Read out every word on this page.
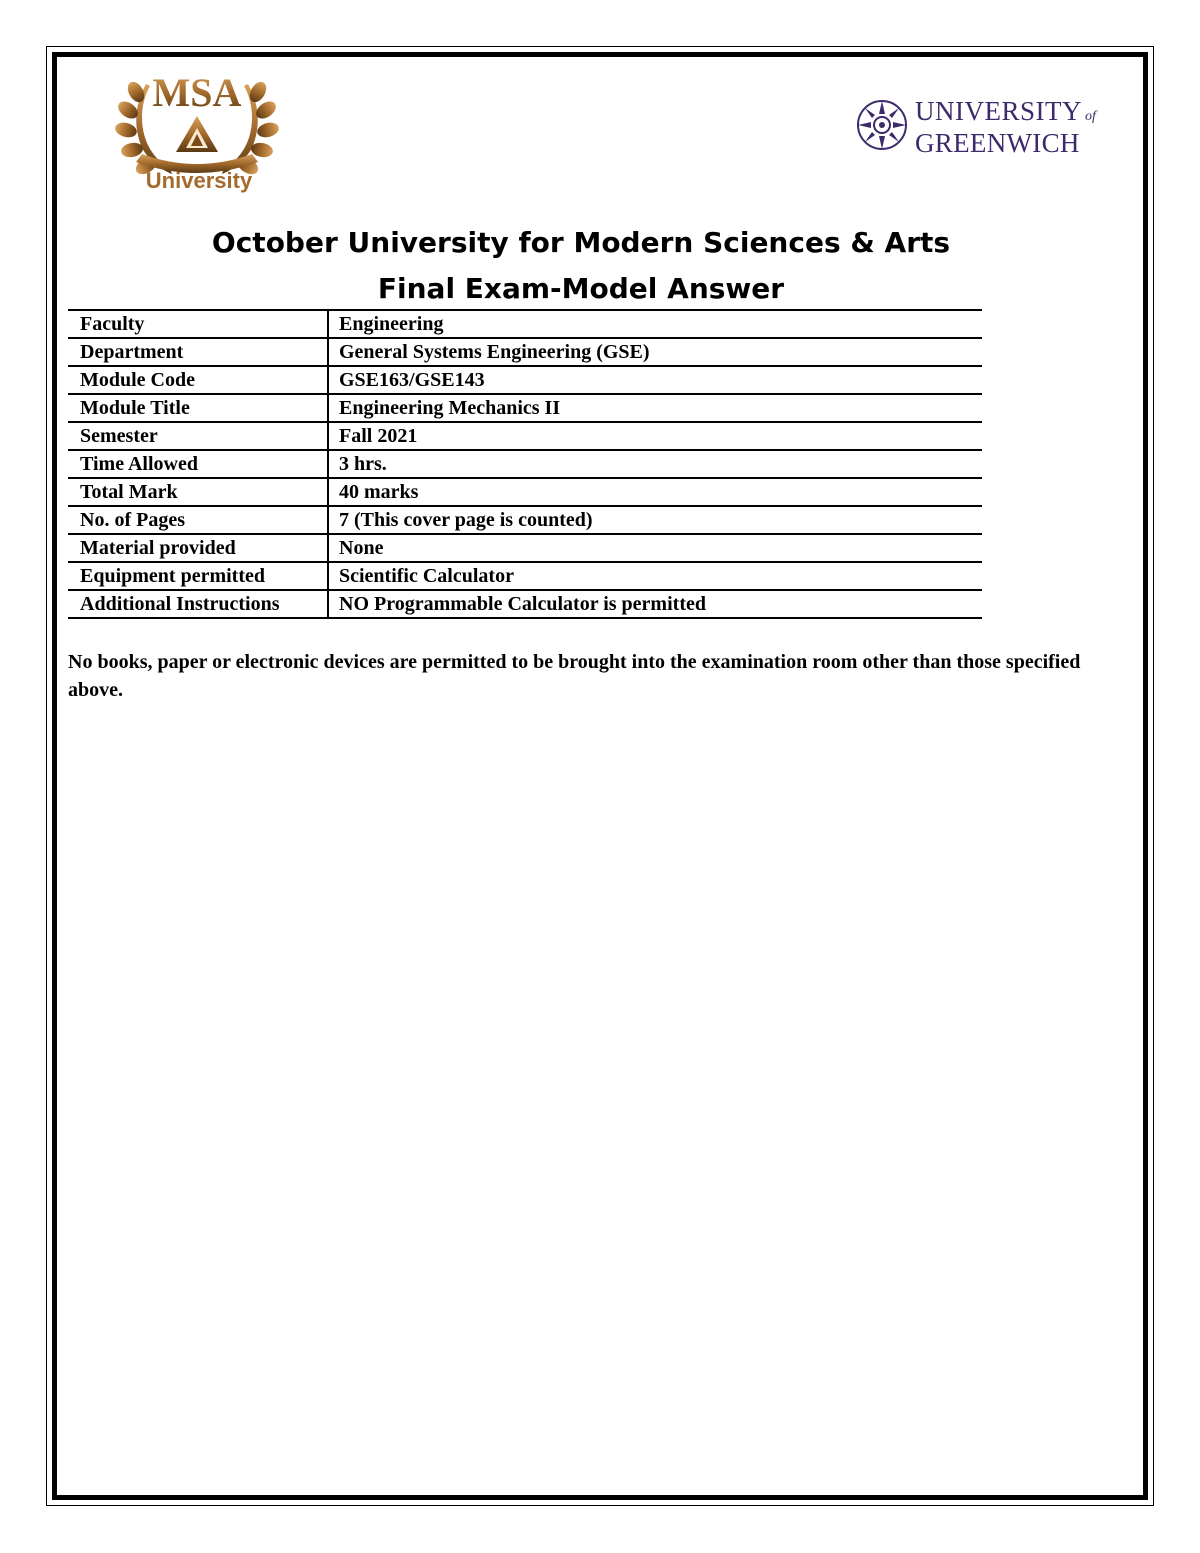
MSA
University
UNIVERSITY of
GREENWICH
October University for Modern Sciences & Arts
Final Exam-Model Answer
Faculty	Engineering
Department	General Systems Engineering (GSE)
Module Code	GSE163/GSE143
Module Title	Engineering Mechanics II
Semester	Fall 2021
Time Allowed	3 hrs.
Total Mark	40 marks
No. of Pages	7 (This cover page is counted)
Material provided	None
Equipment permitted	Scientific Calculator
Additional Instructions	NO Programmable Calculator is permitted
No books, paper or electronic devices are permitted to be brought into the examination room other than those specified above.
